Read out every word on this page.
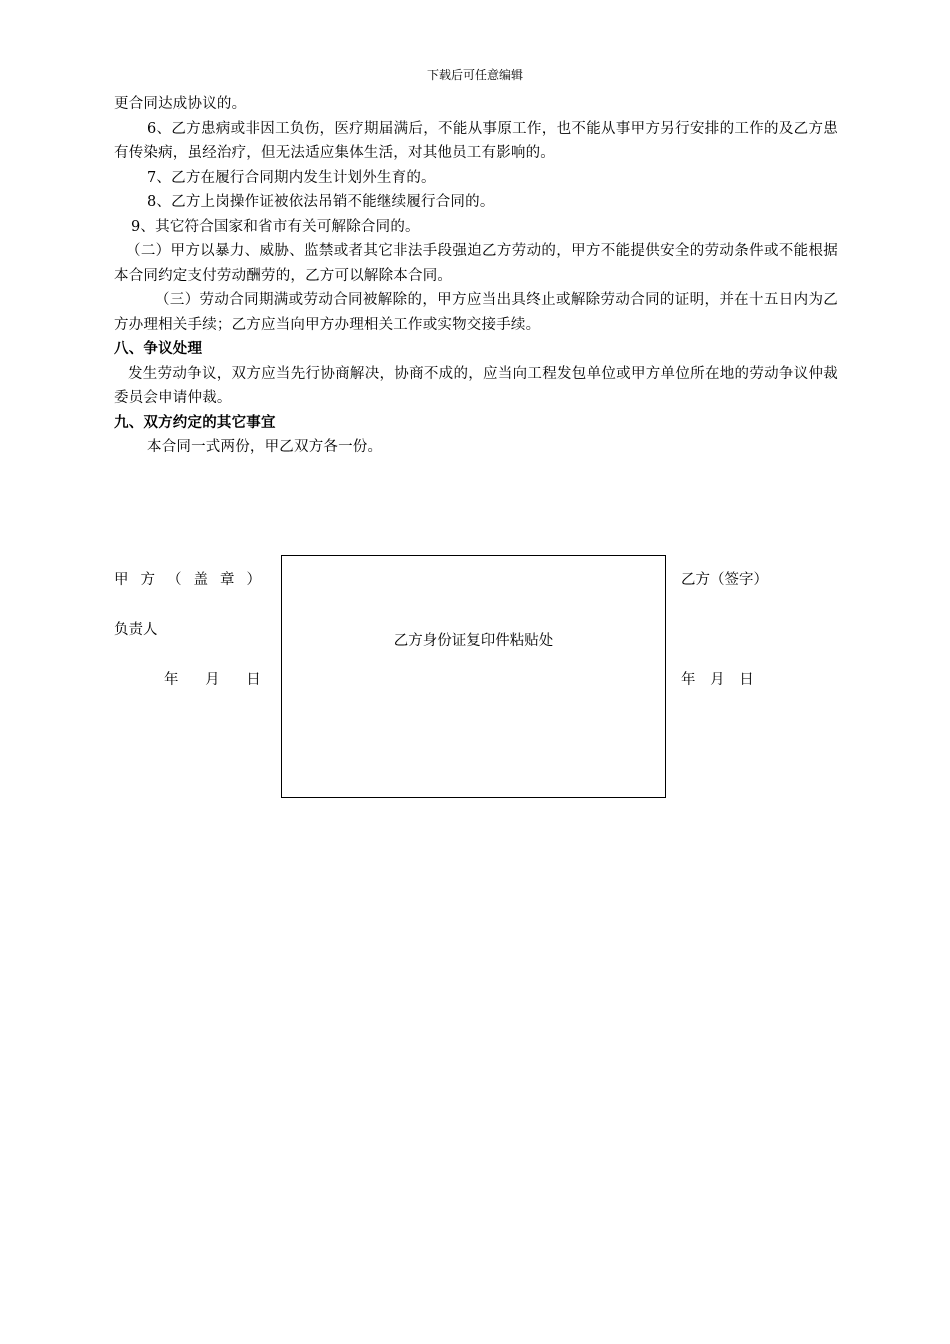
下载后可任意编辑

更合同达成协议的。

6、乙方患病或非因工负伤，医疗期届满后，不能从事原工作，也不能从事甲方另行安排的工作的及乙方患有传染病，虽经治疗，但无法适应集体生活，对其他员工有影响的。

7、乙方在履行合同期内发生计划外生育的。

8、乙方上岗操作证被依法吊销不能继续履行合同的。

9、其它符合国家和省市有关可解除合同的。

（二）甲方以暴力、威胁、监禁或者其它非法手段强迫乙方劳动的，甲方不能提供安全的劳动条件或不能根据本合同约定支付劳动酬劳的，乙方可以解除本合同。

（三）劳动合同期满或劳动合同被解除的，甲方应当出具终止或解除劳动合同的证明，并在十五日内为乙方办理相关手续；乙方应当向甲方办理相关工作或实物交接手续。

八、争议处理

发生劳动争议，双方应当先行协商解决，协商不成的，应当向工程发包单位或甲方单位所在地的劳动争议仲裁委员会申请仲裁。

九、双方约定的其它事宜

本合同一式两份，甲乙双方各一份。

甲方（盖章）
负责人
年 月 日
乙方身份证复印件粘贴处
乙方（签字）
年 月 日
